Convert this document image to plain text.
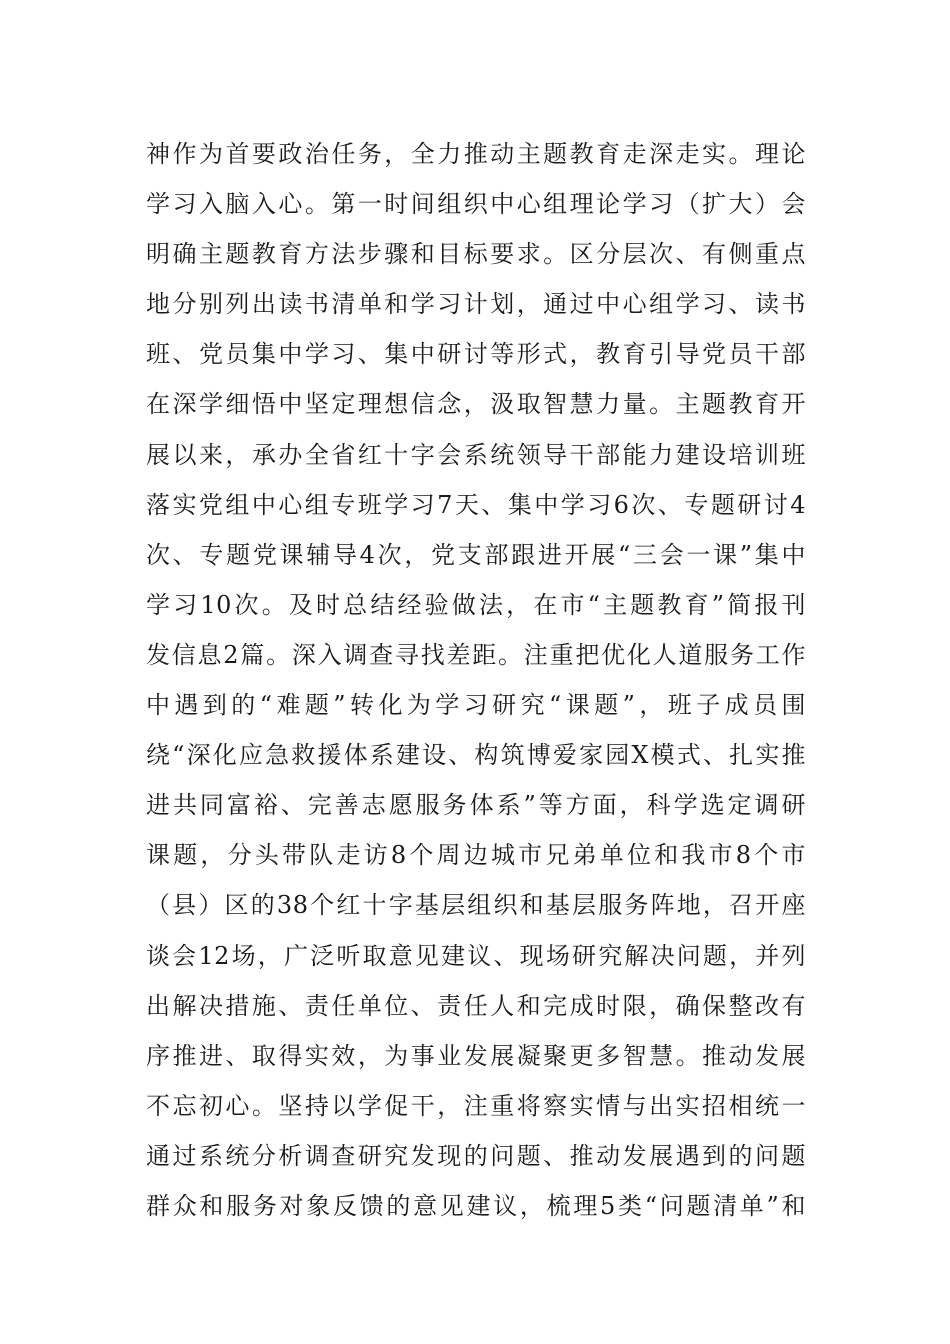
神作为首要政治任务，全力推动主题教育走深走实。理论
学习入脑入心。第一时间组织中心组理论学习（扩大）会
明确主题教育方法步骤和目标要求。区分层次、有侧重点
地分别列出读书清单和学习计划，通过中心组学习、读书
班、党员集中学习、集中研讨等形式，教育引导党员干部
在深学细悟中坚定理想信念，汲取智慧力量。主题教育开
展以来，承办全省红十字会系统领导干部能力建设培训班
落实党组中心组专班学习7天、集中学习6次、专题研讨4
次、专题党课辅导4次，党支部跟进开展“三会一课”集中
学习10次。及时总结经验做法，在市“主题教育”简报刊
发信息2篇。深入调查寻找差距。注重把优化人道服务工作
中遇到的“难题”转化为学习研究“课题”，班子成员围
绕“深化应急救援体系建设、构筑博爱家园X模式、扎实推
进共同富裕、完善志愿服务体系”等方面，科学选定调研
课题，分头带队走访8个周边城市兄弟单位和我市8个市
（县）区的38个红十字基层组织和基层服务阵地，召开座
谈会12场，广泛听取意见建议、现场研究解决问题，并列
出解决措施、责任单位、责任人和完成时限，确保整改有
序推进、取得实效，为事业发展凝聚更多智慧。推动发展
不忘初心。坚持以学促干，注重将察实情与出实招相统一
通过系统分析调查研究发现的问题、推动发展遇到的问题
群众和服务对象反馈的意见建议，梳理5类“问题清单”和
